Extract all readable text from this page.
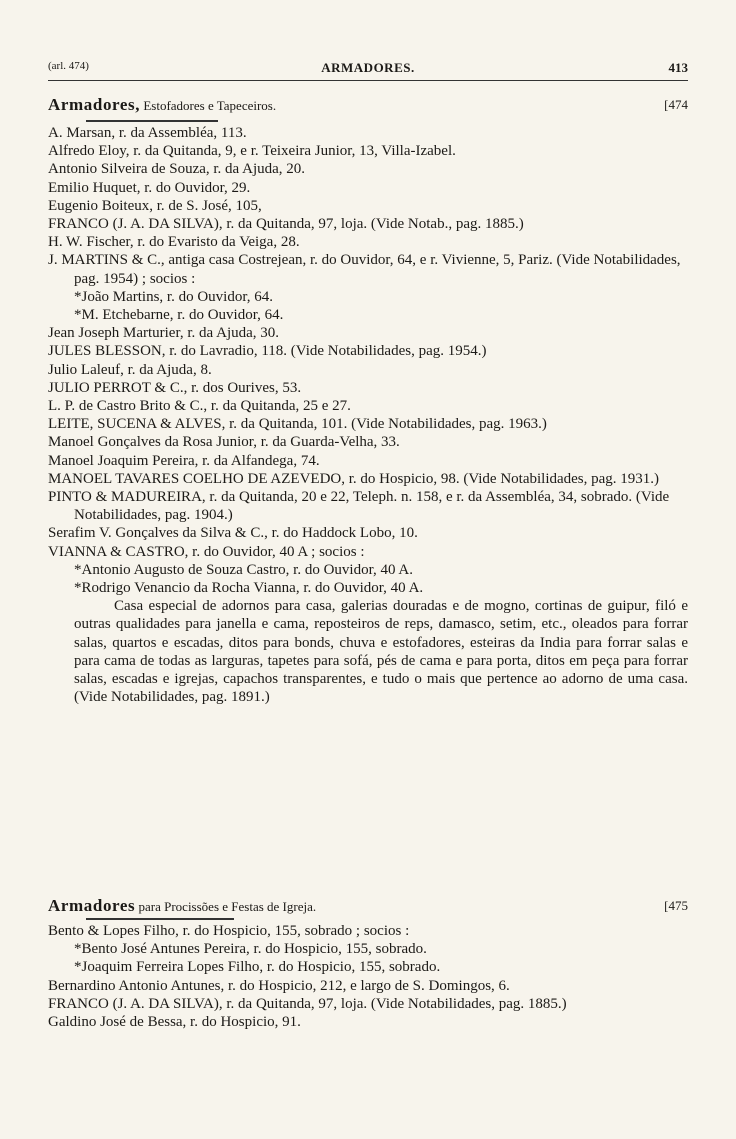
(arl. 474)	ARMADORES.	413
Armadores, Estofadores e Tapeceiros.	[474
A. Marsan, r. da Assembléa, 113.
Alfredo Eloy, r. da Quitanda, 9, e r. Teixeira Junior, 13, Villa-Izabel.
Antonio Silveira de Souza, r. da Ajuda, 20.
Emilio Huquet, r. do Ouvidor, 29.
Eugenio Boiteux, r. de S. José, 105,
FRANCO (J. A. DA SILVA), r. da Quitanda, 97, loja. (Vide Notab., pag. 1885.)
H. W. Fischer, r. do Evaristo da Veiga, 28.
J. MARTINS & C., antiga casa Costrejean, r. do Ouvidor, 64, e r. Vivienne, 5, Pariz. (Vide Notabilidades, pag. 1954) ; socios :
*João Martins, r. do Ouvidor, 64.
*M. Etchebarne, r. do Ouvidor, 64.
Jean Joseph Marturier, r. da Ajuda, 30.
JULES BLESSON, r. do Lavradio, 118. (Vide Notabilidades, pag. 1954.)
Julio Laleuf, r. da Ajuda, 8.
JULIO PERROT & C., r. dos Ourives, 53.
L. P. de Castro Brito & C., r. da Quitanda, 25 e 27.
LEITE, SUCENA & ALVES, r. da Quitanda, 101. (Vide Notabilidades, pag. 1963.)
Manoel Gonçalves da Rosa Junior, r. da Guarda-Velha, 33.
Manoel Joaquim Pereira, r. da Alfandega, 74.
MANOEL TAVARES COELHO DE AZEVEDO, r. do Hospicio, 98. (Vide Notabilidades, pag. 1931.)
PINTO & MADUREIRA, r. da Quitanda, 20 e 22, Teleph. n. 158, e r. da Assembléa, 34, sobrado. (Vide Notabilidades, pag. 1904.)
Serafim V. Gonçalves da Silva & C., r. do Haddock Lobo, 10.
VIANNA & CASTRO, r. do Ouvidor, 40 A ; socios :
*Antonio Augusto de Souza Castro, r. do Ouvidor, 40 A.
*Rodrigo Venancio da Rocha Vianna, r. do Ouvidor, 40 A.
Casa especial de adornos para casa, galerias douradas e de mogno, cortinas de guipur, filó e outras qualidades para janella e cama, reposteiros de reps, damasco, setim, etc., oleados para forrar salas, quartos e escadas, ditos para bonds, chuva e estofadores, esteiras da India para forrar salas e para cama de todas as larguras, tapetes para sofá, pés de cama e para porta, ditos em peça para forrar salas, escadas e igrejas, capachos transparentes, e tudo o mais que pertence ao adorno de uma casa. (Vide Notabilidades, pag. 1891.)
Armadores para Procissões e Festas de Igreja.	[475
Bento & Lopes Filho, r. do Hospicio, 155, sobrado ; socios :
*Bento José Antunes Pereira, r. do Hospicio, 155, sobrado.
*Joaquim Ferreira Lopes Filho, r. do Hospicio, 155, sobrado.
Bernardino Antonio Antunes, r. do Hospicio, 212, e largo de S. Domingos, 6.
FRANCO (J. A. DA SILVA), r. da Quitanda, 97, loja. (Vide Notabilidades, pag. 1885.)
Galdino José de Bessa, r. do Hospicio, 91.
